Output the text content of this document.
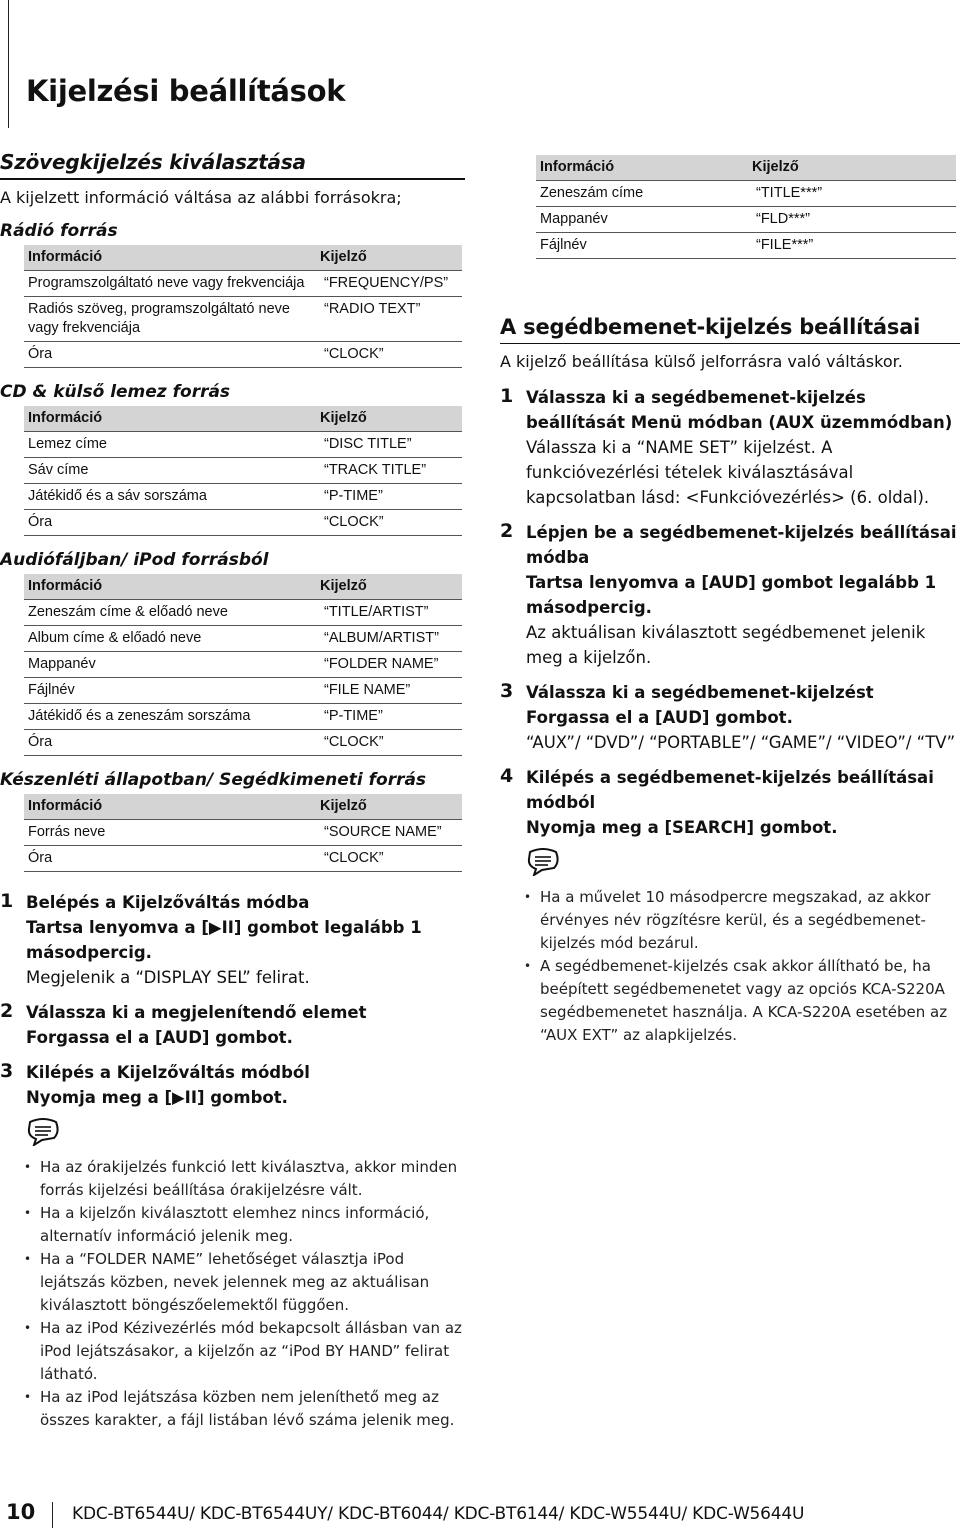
Kijelzési beállítások
Szövegkijelzés kiválasztása
A kijelzett információ váltása az alábbi forrásokra;
Rádió forrás
Információ	Kijelző
Programszolgáltató neve vagy frekvenciája	“FREQUENCY/PS”
Radiós szöveg, programszolgáltató neve vagy frekvenciája	“RADIO TEXT”
Óra	“CLOCK”
CD & külső lemez forrás
Információ	Kijelző
Lemez címe	“DISC TITLE”
Sáv címe	“TRACK TITLE”
Játékidő és a sáv sorszáma	“P-TIME”
Óra	“CLOCK”
Audiófáljban/ iPod forrásból
Információ	Kijelző
Zeneszám címe & előadó neve	“TITLE/ARTIST”
Album címe & előadó neve	“ALBUM/ARTIST”
Mappanév	“FOLDER NAME”
Fájlnév	“FILE NAME”
Játékidő és a zeneszám sorszáma	“P-TIME”
Óra	“CLOCK”
Készenléti állapotban/ Segédkimeneti forrás
Információ	Kijelző
Forrás neve	“SOURCE NAME”
Óra	“CLOCK”
1 Belépés a Kijelzőváltás módba
Tartsa lenyomva a [▶II] gombot legalább 1 másodpercig.
Megjelenik a “DISPLAY SEL” felirat.
2 Válassza ki a megjelenítendő elemet
Forgassa el a [AUD] gombot.
3 Kilépés a Kijelzőváltás módból
Nyomja meg a [▶II] gombot.
• Ha az órakijelzés funkció lett kiválasztva, akkor minden forrás kijelzési beállítása órakijelzésre vált.
• Ha a kijelzőn kiválasztott elemhez nincs információ, alternatív információ jelenik meg.
• Ha a “FOLDER NAME” lehetőséget választja iPod lejátszás közben, nevek jelennek meg az aktuálisan kiválasztott böngészőelemektől függően.
• Ha az iPod Kézivezérlés mód bekapcsolt állásban van az iPod lejátszásakor, a kijelzőn az “iPod BY HAND” felirat látható.
• Ha az iPod lejátszása közben nem jeleníthető meg az összes karakter, a fájl listában lévő száma jelenik meg.
Információ	Kijelző
Zeneszám címe	“TITLE***”
Mappanév	“FLD***”
Fájlnév	“FILE***”
A segédbemenet-kijelzés beállításai
A kijelző beállítása külső jelforrásra való váltáskor.
1 Válassza ki a segédbemenet-kijelzés beállítását Menü módban (AUX üzemmódban)
Válassza ki a “NAME SET” kijelzést. A funkcióvezérlési tételek kiválasztásával kapcsolatban lásd: <Funkcióvezérlés> (6. oldal).
2 Lépjen be a segédbemenet-kijelzés beállításai módba
Tartsa lenyomva a [AUD] gombot legalább 1 másodpercig.
Az aktuálisan kiválasztott segédbemenet jelenik meg a kijelzőn.
3 Válassza ki a segédbemenet-kijelzést
Forgassa el a [AUD] gombot.
“AUX”/ “DVD”/ “PORTABLE”/ “GAME”/ “VIDEO”/ “TV”
4 Kilépés a segédbemenet-kijelzés beállításai módból
Nyomja meg a [SEARCH] gombot.
• Ha a művelet 10 másodpercre megszakad, az akkor érvényes név rögzítésre kerül, és a segédbemenet-kijelzés mód bezárul.
• A segédbemenet-kijelzés csak akkor állítható be, ha beépített segédbemenetet vagy az opciós KCA-S220A segédbemenetet használja. A KCA-S220A esetében az “AUX EXT” az alapkijelzés.
10 KDC-BT6544U/ KDC-BT6544UY/ KDC-BT6044/ KDC-BT6144/ KDC-W5544U/ KDC-W5644U
